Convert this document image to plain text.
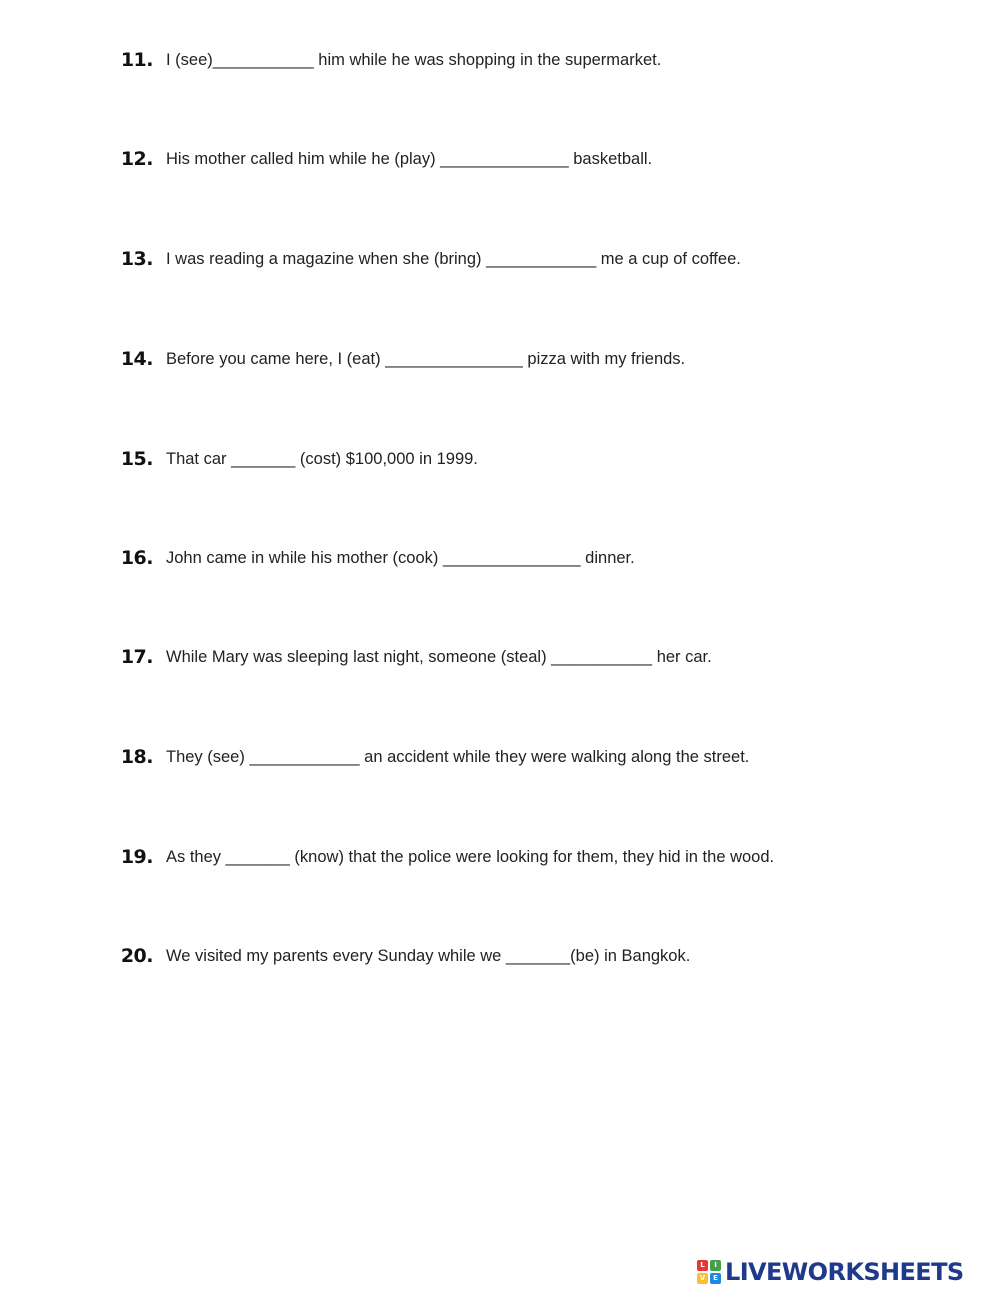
11. I (see)___________ him while he was shopping in the supermarket.
12. His mother called him while he (play) ______________ basketball.
13. I was reading a magazine when she (bring) ____________ me a cup of coffee.
14. Before you came here, I (eat) _______________ pizza with my friends.
15. That car _______ (cost) $100,000 in 1999.
16. John came in while his mother (cook) _______________ dinner.
17. While Mary was sleeping last night, someone (steal) ___________ her car.
18. They (see) ____________ an accident while they were walking along the street.
19. As they _______ (know) that the police were looking for them, they hid in the wood.
20. We visited my parents every Sunday while we _______(be) in Bangkok.
L	I
V	E LIVEWORKSHEETS
